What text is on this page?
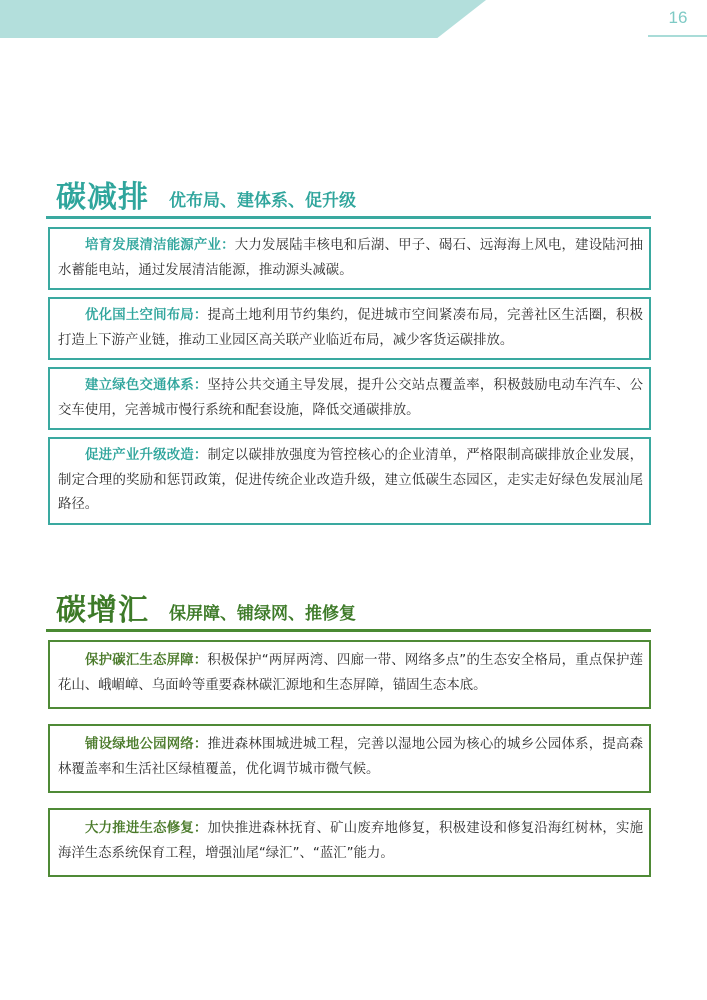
16
碳减排 优布局、建体系、促升级
培育发展清洁能源产业：大力发展陆丰核电和后湖、甲子、碣石、远海海上风电，建设陆河抽水蓄能电站，通过发展清洁能源，推动源头减碳。
优化国土空间布局：提高土地利用节约集约，促进城市空间紧凑布局，完善社区生活圈，积极打造上下游产业链，推动工业园区高关联产业临近布局，减少客货运碳排放。
建立绿色交通体系：坚持公共交通主导发展，提升公交站点覆盖率，积极鼓励电动车汽车、公交车使用，完善城市慢行系统和配套设施，降低交通碳排放。
促进产业升级改造：制定以碳排放强度为管控核心的企业清单，严格限制高碳排放企业发展，制定合理的奖励和惩罚政策，促进传统企业改造升级，建立低碳生态园区，走实走好绿色发展汕尾路径。
碳增汇 保屏障、铺绿网、推修复
保护碳汇生态屏障：积极保护“两屏两湾、四廊一带、网络多点”的生态安全格局，重点保护莲花山、峨嵋嶂、乌面岭等重要森林碳汇源地和生态屏障，锚固生态本底。
铺设绿地公园网络：推进森林围城进城工程，完善以湿地公园为核心的城乡公园体系，提高森林覆盖率和生活社区绿植覆盖，优化调节城市微气候。
大力推进生态修复：加快推进森林抚育、矿山废弃地修复，积极建设和修复沿海红树林，实施海洋生态系统保育工程，增强汕尾“绿汇”、“蓝汇”能力。
